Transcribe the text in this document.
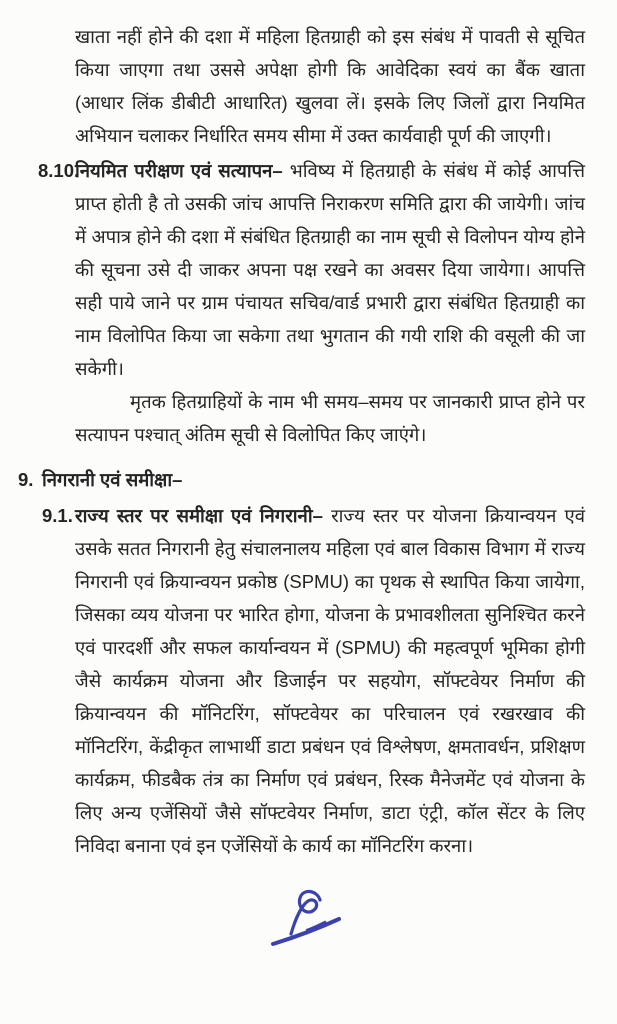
खाता नहीं होने की दशा में महिला हितग्राही को इस संबंध में पावती से सूचित किया जाएगा तथा उससे अपेक्षा होगी कि आवेदिका स्वयं का बैंक खाता (आधार लिंक डीबीटी आधारित) खुलवा लें। इसके लिए जिलों द्वारा नियमित अभियान चलाकर निर्धारित समय सीमा में उक्त कार्यवाही पूर्ण की जाएगी।

8.10.
नियमित परीक्षण एवं सत्यापन– भविष्य में हितग्राही के संबंध में कोई आपत्ति प्राप्त होती है तो उसकी जांच आपत्ति निराकरण समिति द्वारा की जायेगी। जांच में अपात्र होने की दशा में संबंधित हितग्राही का नाम सूची से विलोपन योग्य होने की सूचना उसे दी जाकर अपना पक्ष रखने का अवसर दिया जायेगा। आपत्ति सही पाये जाने पर ग्राम पंचायत सचिव/वार्ड प्रभारी द्वारा संबंधित हितग्राही का नाम विलोपित किया जा सकेगा तथा भुगतान की गयी राशि की वसूली की जा सकेगी।

मृतक हितग्राहियों के नाम भी समय–समय पर जानकारी प्राप्त होने पर सत्यापन पश्चात् अंतिम सूची से विलोपित किए जाएंगे।

9. निगरानी एवं समीक्षा–

9.1. राज्य स्तर पर समीक्षा एवं निगरानी– राज्य स्तर पर योजना क्रियान्वयन एवं उसके सतत निगरानी हेतु संचालनालय महिला एवं बाल विकास विभाग में राज्य निगरानी एवं क्रियान्वयन प्रकोष्ठ (SPMU) का पृथक से स्थापित किया जायेगा, जिसका व्यय योजना पर भारित होगा, योजना के प्रभावशीलता सुनिश्चित करने एवं पारदर्शी और सफल कार्यान्वयन में (SPMU) की महत्वपूर्ण भूमिका होगी जैसे कार्यक्रम योजना और डिजाईन पर सहयोग, सॉफ्टवेयर निर्माण की क्रियान्वयन की मॉनिटरिंग, सॉफ्टवेयर का परिचालन एवं रखरखाव की मॉनिटरिंग, केंद्रीकृत लाभार्थी डाटा प्रबंधन एवं विश्लेषण, क्षमतावर्धन, प्रशिक्षण कार्यक्रम, फीडबैक तंत्र का निर्माण एवं प्रबंधन, रिस्क मैनेजमेंट एवं योजना के लिए अन्य एजेंसियों जैसे सॉफ्टवेयर निर्माण, डाटा एंट्री, कॉल सेंटर के लिए निविदा बनाना एवं इन एजेंसियों के कार्य का मॉनिटरिंग करना।
